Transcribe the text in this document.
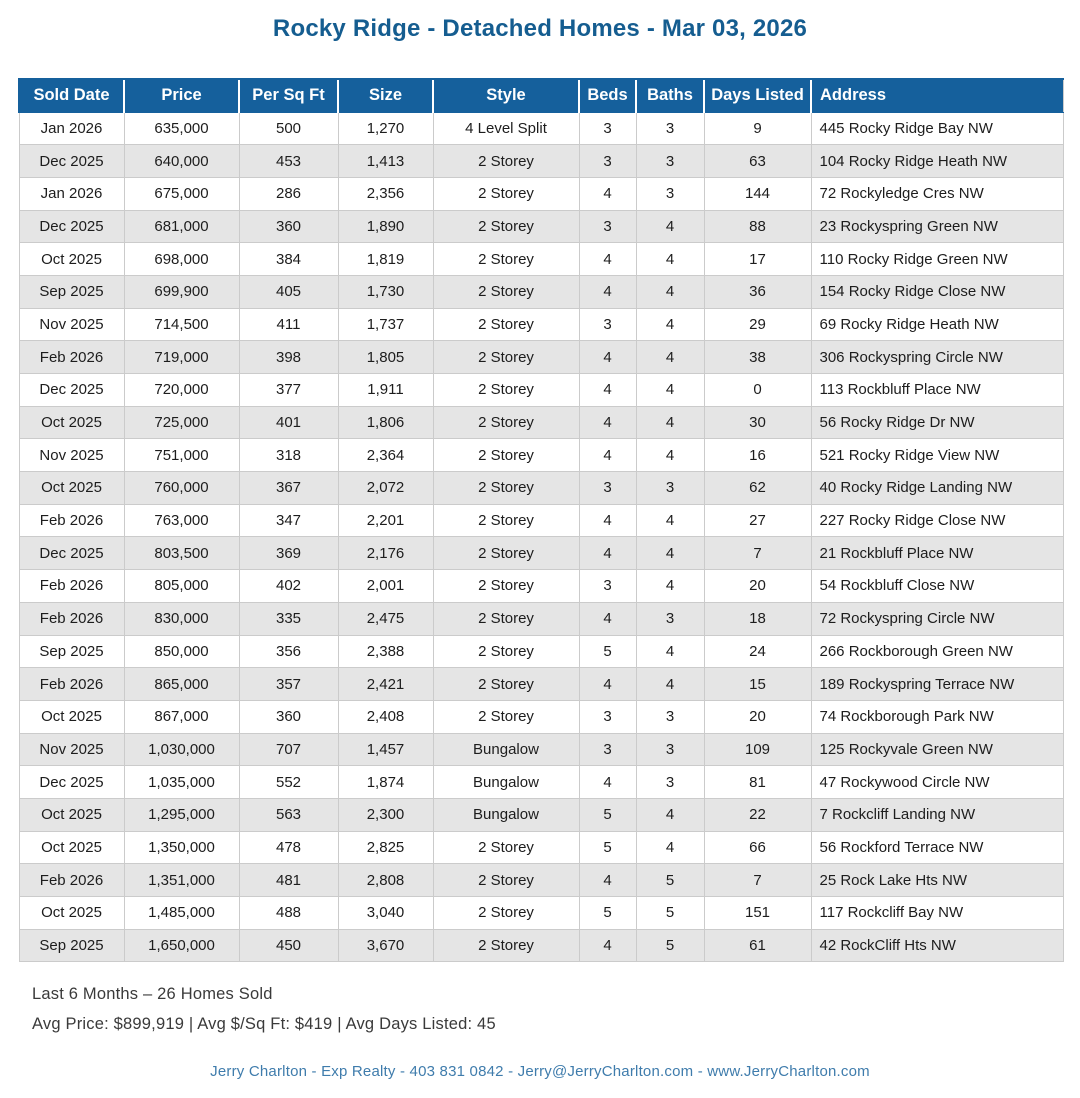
Rocky Ridge - Detached Homes - Mar 03, 2026
Sold Date	Price	Per Sq Ft	Size	Style	Beds	Baths	Days Listed	Address
Jan 2026	635,000	500	1,270	4 Level Split	3	3	9	445 Rocky Ridge Bay NW
Dec 2025	640,000	453	1,413	2 Storey	3	3	63	104 Rocky Ridge Heath NW
Jan 2026	675,000	286	2,356	2 Storey	4	3	144	72 Rockyledge Cres NW
Dec 2025	681,000	360	1,890	2 Storey	3	4	88	23 Rockyspring Green NW
Oct 2025	698,000	384	1,819	2 Storey	4	4	17	110 Rocky Ridge Green NW
Sep 2025	699,900	405	1,730	2 Storey	4	4	36	154 Rocky Ridge Close NW
Nov 2025	714,500	411	1,737	2 Storey	3	4	29	69 Rocky Ridge Heath NW
Feb 2026	719,000	398	1,805	2 Storey	4	4	38	306 Rockyspring Circle NW
Dec 2025	720,000	377	1,911	2 Storey	4	4	0	113 Rockbluff Place NW
Oct 2025	725,000	401	1,806	2 Storey	4	4	30	56 Rocky Ridge Dr NW
Nov 2025	751,000	318	2,364	2 Storey	4	4	16	521 Rocky Ridge View NW
Oct 2025	760,000	367	2,072	2 Storey	3	3	62	40 Rocky Ridge Landing NW
Feb 2026	763,000	347	2,201	2 Storey	4	4	27	227 Rocky Ridge Close NW
Dec 2025	803,500	369	2,176	2 Storey	4	4	7	21 Rockbluff Place NW
Feb 2026	805,000	402	2,001	2 Storey	3	4	20	54 Rockbluff Close NW
Feb 2026	830,000	335	2,475	2 Storey	4	3	18	72 Rockyspring Circle NW
Sep 2025	850,000	356	2,388	2 Storey	5	4	24	266 Rockborough Green NW
Feb 2026	865,000	357	2,421	2 Storey	4	4	15	189 Rockyspring Terrace NW
Oct 2025	867,000	360	2,408	2 Storey	3	3	20	74 Rockborough Park NW
Nov 2025	1,030,000	707	1,457	Bungalow	3	3	109	125 Rockyvale Green NW
Dec 2025	1,035,000	552	1,874	Bungalow	4	3	81	47 Rockywood Circle NW
Oct 2025	1,295,000	563	2,300	Bungalow	5	4	22	7 Rockcliff Landing NW
Oct 2025	1,350,000	478	2,825	2 Storey	5	4	66	56 Rockford Terrace NW
Feb 2026	1,351,000	481	2,808	2 Storey	4	5	7	25 Rock Lake Hts NW
Oct 2025	1,485,000	488	3,040	2 Storey	5	5	151	117 Rockcliff Bay NW
Sep 2025	1,650,000	450	3,670	2 Storey	4	5	61	42 RockCliff Hts NW
Last 6 Months – 26 Homes Sold
Avg Price: $899,919 | Avg $/Sq Ft: $419 | Avg Days Listed: 45
Jerry Charlton - Exp Realty - 403 831 0842 - Jerry@JerryCharlton.com - www.JerryCharlton.com
